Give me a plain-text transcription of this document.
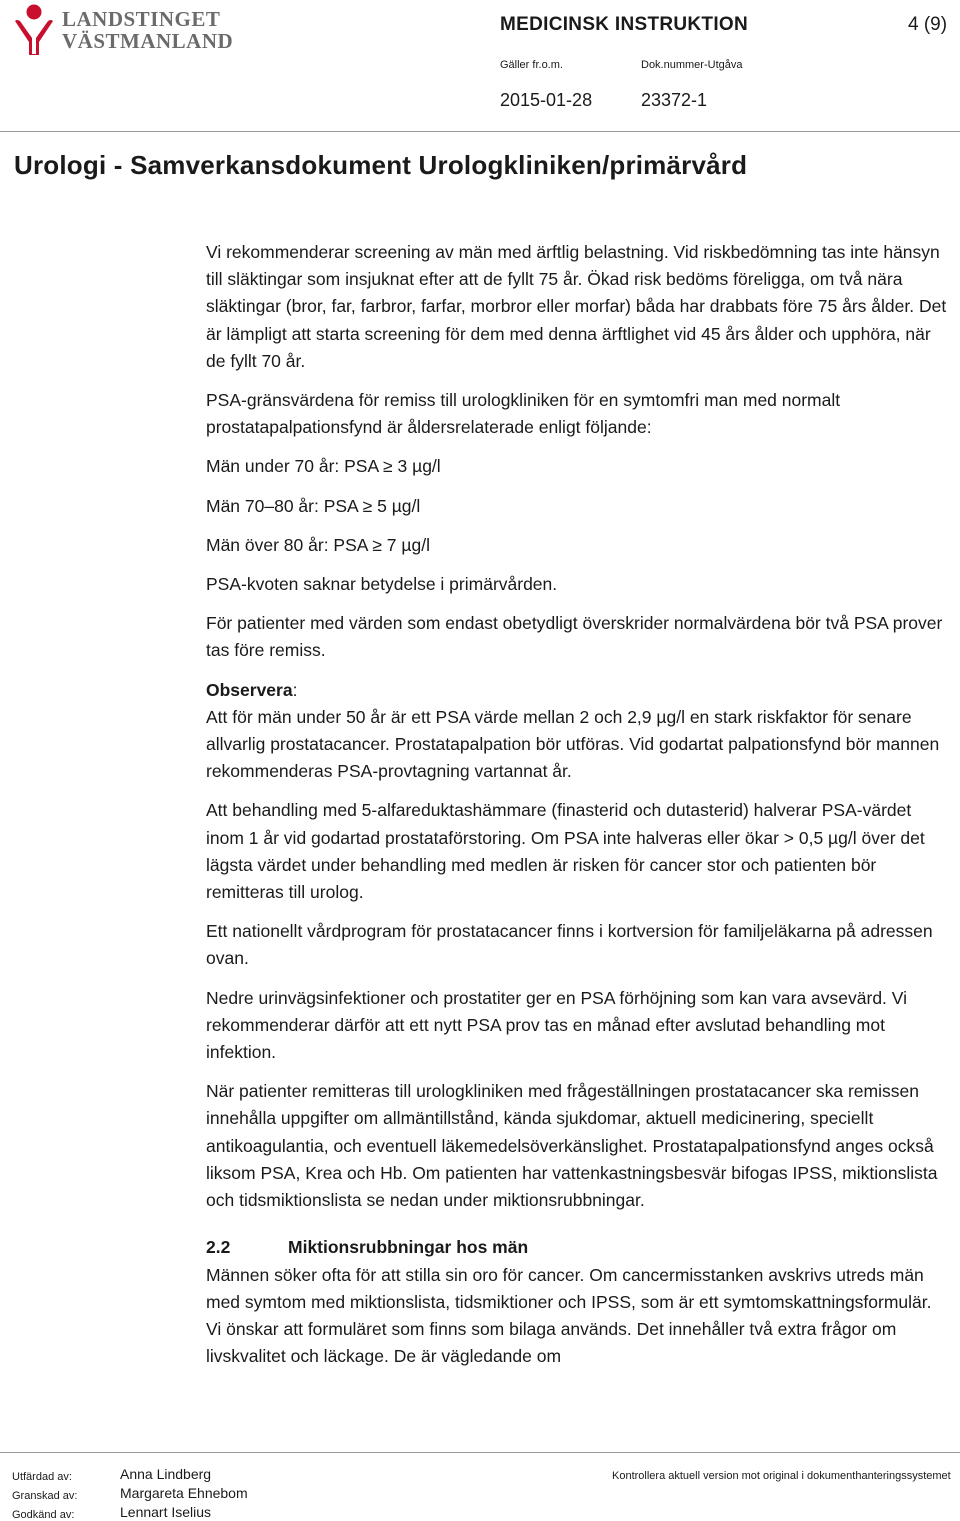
LANDSTINGET
VÄSTMANLAND
MEDICINSK INSTRUKTION	4 (9)
Gäller fr.o.m.	Dok.nummer-Utgåva
2015-01-28	23372-1
Urologi - Samverkansdokument Urologkliniken/primärvård

Vi rekommenderar screening av män med ärftlig belastning. Vid riskbedömning tas inte hänsyn till släktingar som insjuknat efter att de fyllt 75 år. Ökad risk bedöms föreligga, om två nära släktingar (bror, far, farbror, farfar, morbror eller morfar) båda har drabbats före 75 års ålder. Det är lämpligt att starta screening för dem med denna ärftlighet vid 45 års ålder och upphöra, när de fyllt 70 år.

PSA-gränsvärdena för remiss till urologkliniken för en symtomfri man med normalt prostatapalpationsfynd är åldersrelaterade enligt följande:

Män under 70 år: PSA ≥ 3 µg/l

Män 70‒80 år: PSA ≥ 5 µg/l

Män över 80 år: PSA ≥ 7 µg/l

PSA-kvoten saknar betydelse i primärvården.

För patienter med värden som endast obetydligt överskrider normalvärdena bör två PSA prover tas före remiss.

Observera:

Att för män under 50 år är ett PSA värde mellan 2 och 2,9 µg/l en stark riskfaktor för senare allvarlig prostatacancer. Prostatapalpation bör utföras. Vid godartat palpationsfynd bör mannen rekommenderas PSA-provtagning vartannat år.

Att behandling med 5-alfareduktashämmare (finasterid och dutasterid) halverar PSA-värdet inom 1 år vid godartad prostataförstoring. Om PSA inte halveras eller ökar > 0,5 µg/l över det lägsta värdet under behandling med medlen är risken för cancer stor och patienten bör remitteras till urolog.

Ett nationellt vårdprogram för prostatacancer finns i kortversion för familjeläkarna på adressen ovan.

Nedre urinvägsinfektioner och prostatiter ger en PSA förhöjning som kan vara avsevärd. Vi rekommenderar därför att ett nytt PSA prov tas en månad efter avslutad behandling mot infektion.

När patienter remitteras till urologkliniken med frågeställningen prostatacancer ska remissen innehålla uppgifter om allmäntillstånd, kända sjukdomar, aktuell medicinering, speciellt antikoagulantia, och eventuell läkemedelsöverkänslighet. Prostatapalpationsfynd anges också liksom PSA, Krea och Hb. Om patienten har vattenkastningsbesvär bifogas IPSS, miktionslista och tidsmiktionslista se nedan under miktionsrubbningar.

2.2	Miktionsrubbningar hos män

Männen söker ofta för att stilla sin oro för cancer. Om cancermisstanken avskrivs utreds män med symtom med miktionslista, tidsmiktioner och IPSS, som är ett symtomskattningsformulär. Vi önskar att formuläret som finns som bilaga används. Det innehåller två extra frågor om livskvalitet och läckage. De är vägledande om

Utfärdad av:	Anna Lindberg
Granskad av:	Margareta Ehnebom
Godkänd av:	Lennart Iselius
Kontrollera aktuell version mot original i dokumenthanteringssystemet
